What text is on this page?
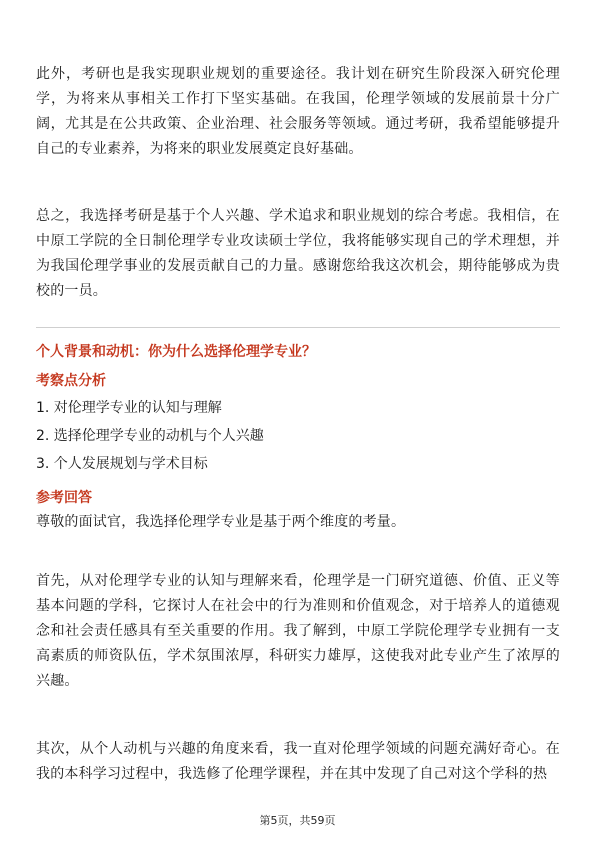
此外，考研也是我实现职业规划的重要途径。我计划在研究生阶段深入研究伦理学，为将来从事相关工作打下坚实基础。在我国，伦理学领域的发展前景十分广阔，尤其是在公共政策、企业治理、社会服务等领域。通过考研，我希望能够提升自己的专业素养，为将来的职业发展奠定良好基础。

总之，我选择考研是基于个人兴趣、学术追求和职业规划的综合考虑。我相信，在中原工学院的全日制伦理学专业攻读硕士学位，我将能够实现自己的学术理想，并为我国伦理学事业的发展贡献自己的力量。感谢您给我这次机会，期待能够成为贵校的一员。

个人背景和动机：你为什么选择伦理学专业？
考察点分析
1. 对伦理学专业的认知与理解
2. 选择伦理学专业的动机与个人兴趣
3. 个人发展规划与学术目标
参考回答

尊敬的面试官，我选择伦理学专业是基于两个维度的考量。

首先，从对伦理学专业的认知与理解来看，伦理学是一门研究道德、价值、正义等基本问题的学科，它探讨人在社会中的行为准则和价值观念，对于培养人的道德观念和社会责任感具有至关重要的作用。我了解到，中原工学院伦理学专业拥有一支高素质的师资队伍，学术氛围浓厚，科研实力雄厚，这使我对此专业产生了浓厚的兴趣。

其次，从个人动机与兴趣的角度来看，我一直对伦理学领域的问题充满好奇心。在我的本科学习过程中，我选修了伦理学课程，并在其中发现了自己对这个学科的热

第5页，共59页
